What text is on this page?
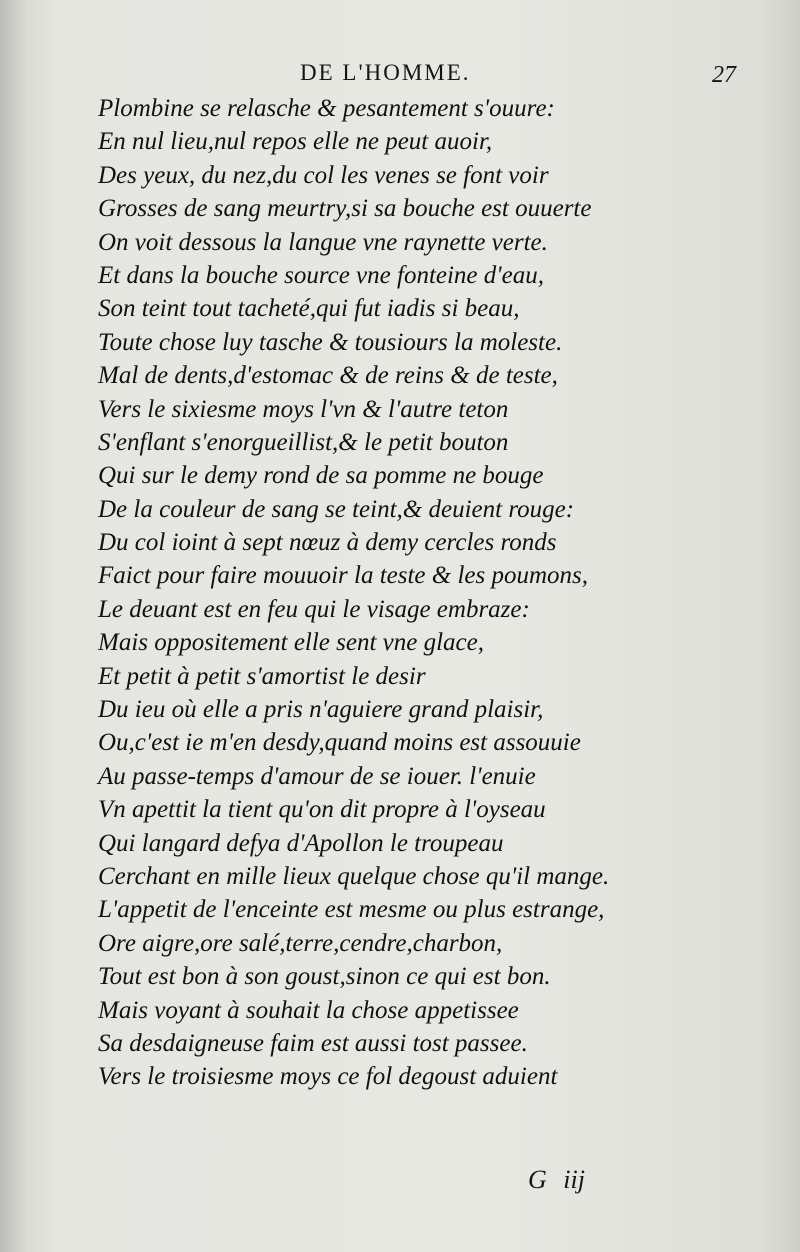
DE L'HOMME.	27
Plombine se relasche & pesantement s'ouure:
En nul lieu,nul repos elle ne peut auoir,
Des yeux, du nez,du col les venes se font voir
Grosses de sang meurtry,si sa bouche est ouuerte
On voit dessous la langue vne raynette verte.
Et dans la bouche source vne fonteine d'eau,
Son teint tout tacheté,qui fut iadis si beau,
Toute chose luy tasche & tousiours la moleste.
Mal de dents,d'estomac & de reins & de teste,
Vers le sixiesme moys l'vn & l'autre teton
S'enflant s'enorgueillist,& le petit bouton
Qui sur le demy rond de sa pomme ne bouge
De la couleur de sang se teint,& deuient rouge:
Du col ioint à sept nœuz à demy cercles ronds
Faict pour faire mouuoir la teste & les poumons,
Le deuant est en feu qui le visage embraze:
Mais oppositement elle sent vne glace,
Et petit à petit s'amortist le desir
Du ieu où elle a pris n'aguiere grand plaisir,
Ou,c'est ie m'en desdy,quand moins est assouuie
Au passe-temps d'amour de se iouer. l'enuie
Vn apettit la tient qu'on dit propre à l'oyseau
Qui langard defya d'Apollon le troupeau
Cerchant en mille lieux quelque chose qu'il mange.
L'appetit de l'enceinte est mesme ou plus estrange,
Ore aigre,ore salé,terre,cendre,charbon,
Tout est bon à son goust,sinon ce qui est bon.
Mais voyant à souhait la chose appetissee
Sa desdaigneuse faim est aussi tost passee.
Vers le troisiesme moys ce fol degoust aduient
G iij
